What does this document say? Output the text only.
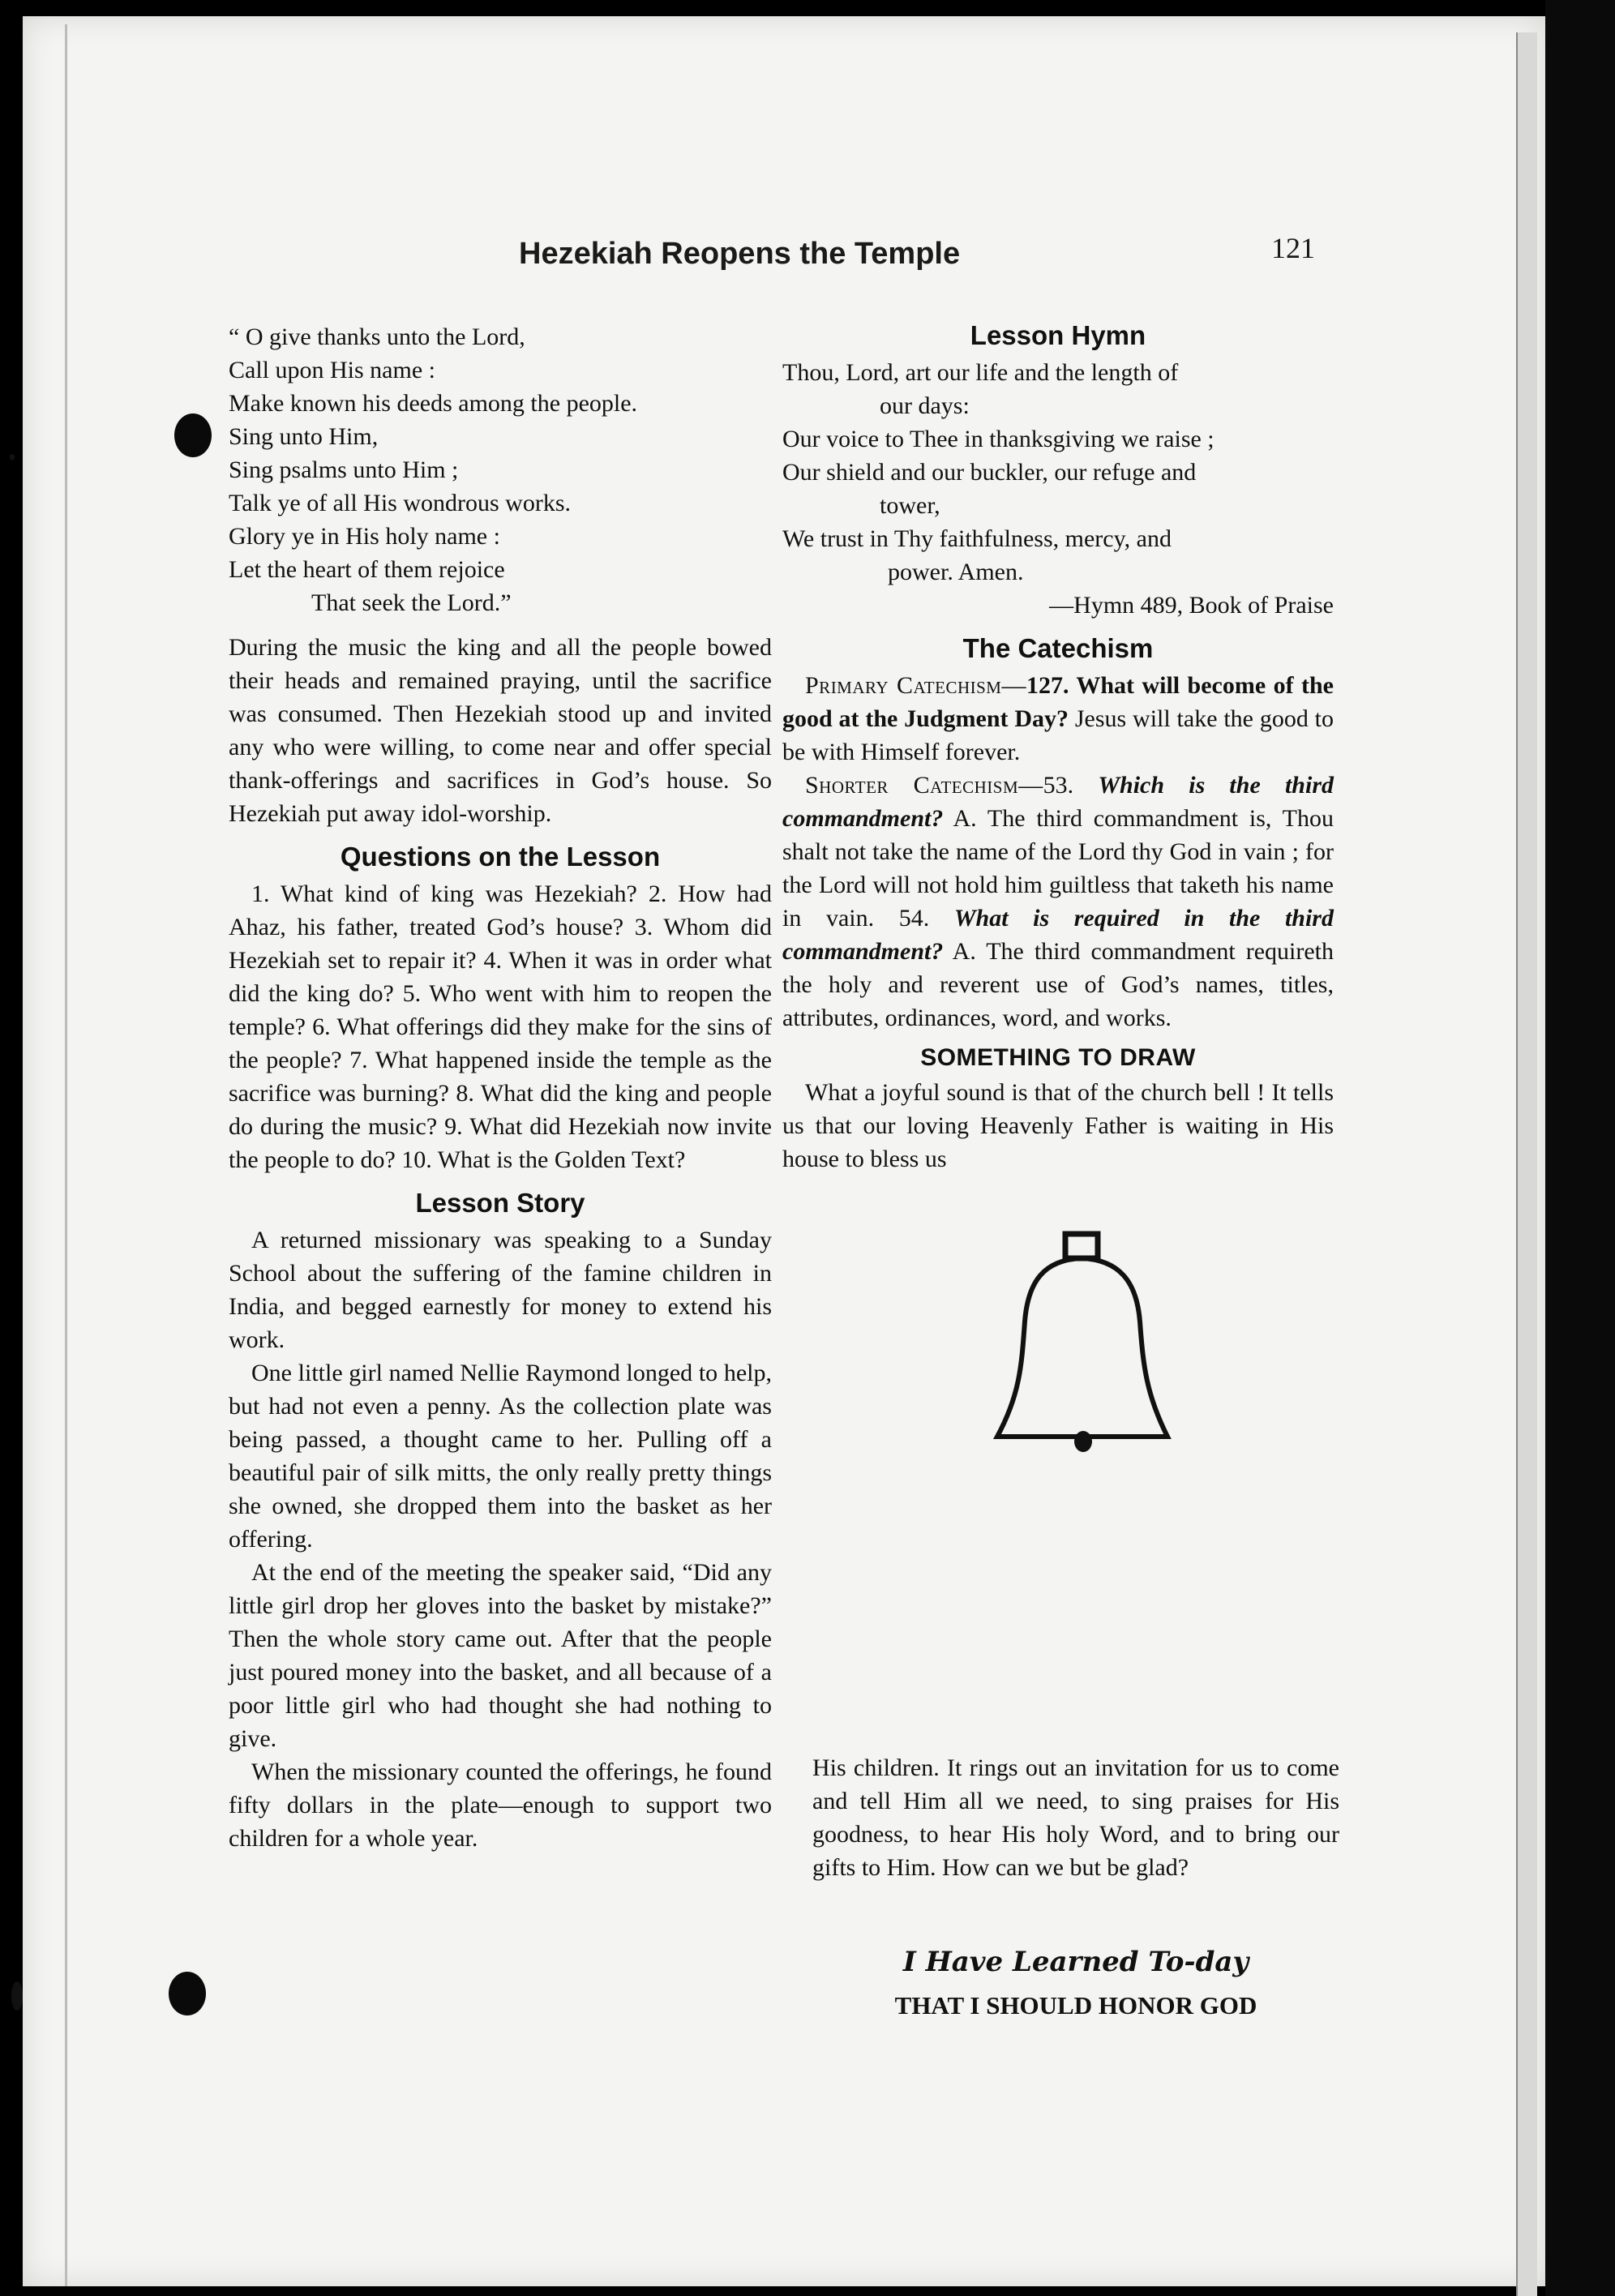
Hezekiah Reopens the Temple	121
“ O give thanks unto the Lord,
Call upon His name :
Make known his deeds among the people.
Sing unto Him,
Sing psalms unto Him ;
Talk ye of all His wondrous works.
Glory ye in His holy name :
Let the heart of them rejoice
That seek the Lord.”

During the music the king and all the people bowed their heads and remained praying, until the sacrifice was consumed. Then Hezekiah stood up and invited any who were willing, to come near and offer special thank-offerings and sacrifices in God’s house. So Hezekiah put away idol-worship.

Questions on the Lesson

1. What kind of king was Hezekiah? 2. How had Ahaz, his father, treated God’s house? 3. Whom did Hezekiah set to repair it? 4. When it was in order what did the king do? 5. Who went with him to reopen the temple? 6. What offerings did they make for the sins of the people? 7. What happened inside the temple as the sacrifice was burning? 8. What did the king and people do during the music? 9. What did Hezekiah now invite the people to do? 10. What is the Golden Text?

Lesson Story

A returned missionary was speaking to a Sunday School about the suffering of the famine children in India, and begged earnestly for money to extend his work.

One little girl named Nellie Raymond longed to help, but had not even a penny. As the collection plate was being passed, a thought came to her. Pulling off a beautiful pair of silk mitts, the only really pretty things she owned, she dropped them into the basket as her offering.

At the end of the meeting the speaker said, “Did any little girl drop her gloves into the basket by mistake?” Then the whole story came out. After that the people just poured money into the basket, and all because of a poor little girl who had thought she had nothing to give.

When the missionary counted the offerings, he found fifty dollars in the plate—enough to support two children for a whole year.

Lesson Hymn
Thou, Lord, art our life and the length of
our days:
Our voice to Thee in thanksgiving we raise ;
Our shield and our buckler, our refuge and
tower,
We trust in Thy faithfulness, mercy, and
power. Amen.
—Hymn 489, Book of Praise
The Catechism

Primary Catechism—127. What will become of the good at the Judgment Day? Jesus will take the good to be with Himself forever.

Shorter Catechism—53. Which is the third commandment? A. The third commandment is, Thou shalt not take the name of the Lord thy God in vain ; for the Lord will not hold him guiltless that taketh his name in vain. 54. What is required in the third commandment? A. The third commandment requireth the holy and reverent use of God’s names, titles, attributes, ordinances, word, and works.

SOMETHING TO DRAW

What a joyful sound is that of the church bell ! It tells us that our loving Heavenly Father is waiting in His house to bless us

His children. It rings out an invitation for us to come and tell Him all we need, to sing praises for His goodness, to hear His holy Word, and to bring our gifts to Him. How can we but be glad?
I Have Learned To-day
THAT I SHOULD HONOR GOD
